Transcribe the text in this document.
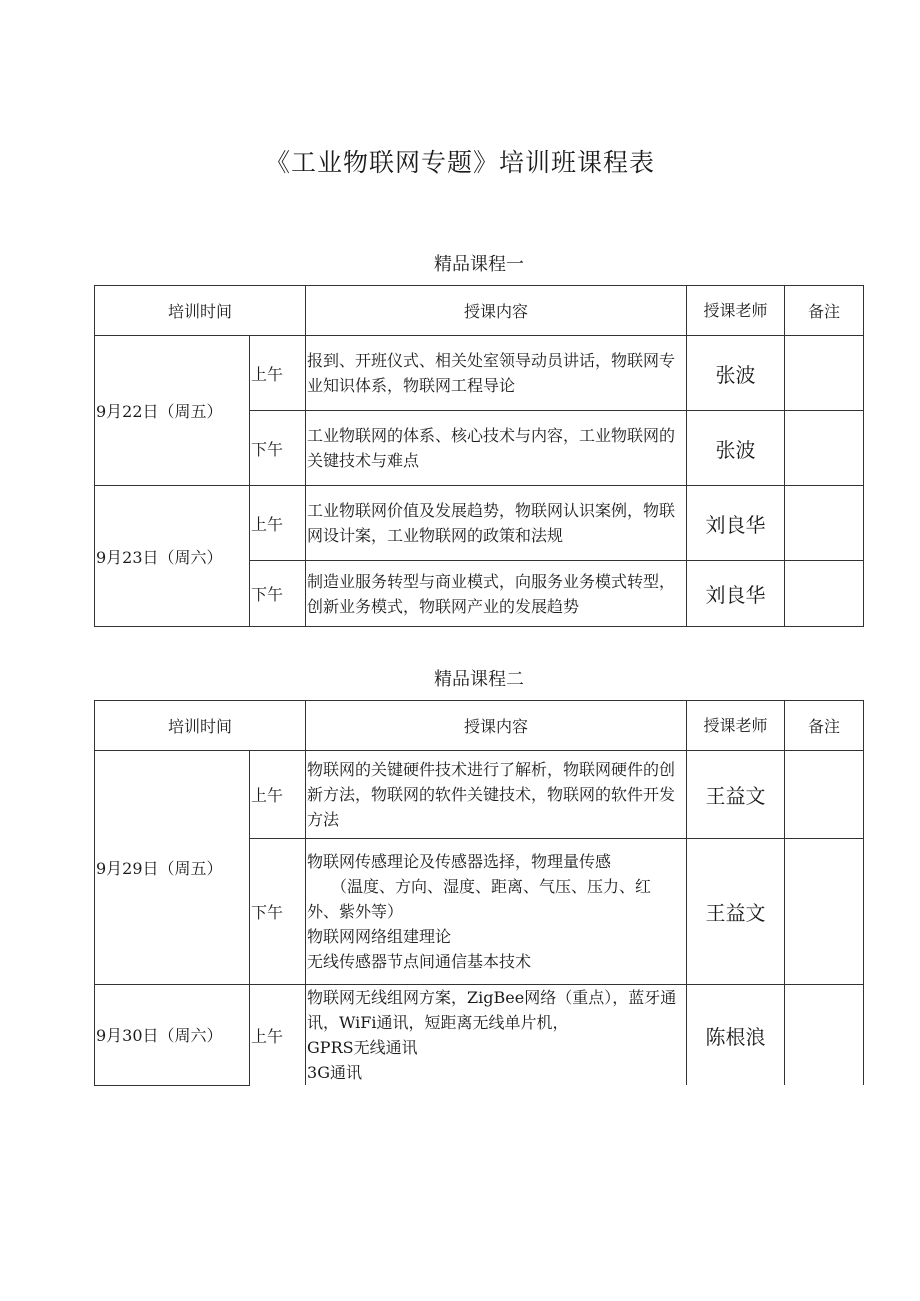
《工业物联网专题》培训班课程表
精品课程一
培训时间		授课内容	授课老师	备注
9月22日（周五）	上午	报到、开班仪式、相关处室领导动员讲话，物联网专业知识体系，物联网工程导论	张波	
	下午	工业物联网的体系、核心技术与内容，工业物联网的关键技术与难点	张波	
9月23日（周六）	上午	工业物联网价值及发展趋势，物联网认识案例，物联网设计案，工业物联网的政策和法规	刘良华	
	下午	制造业服务转型与商业模式，向服务业务模式转型，创新业务模式，物联网产业的发展趋势	刘良华	
精品课程二
培训时间		授课内容	授课老师	备注
9月29日（周五）	上午	物联网的关键硬件技术进行了解析，物联网硬件的创新方法，物联网的软件关键技术，物联网的软件开发方法	王益文	
	下午	物联网传感理论及传感器选择，物理量传感
（温度、方向、湿度、距离、气压、压力、红
外、紫外等）
物联网网络组建理论
无线传感器节点间通信基本技术	王益文	
9月30日（周六）	上午	物联网无线组网方案，ZigBee网络（重点），蓝牙通讯，WiFi通讯，短距离无线单片机，
GPRS无线通讯
3G通讯	陈根浪	
